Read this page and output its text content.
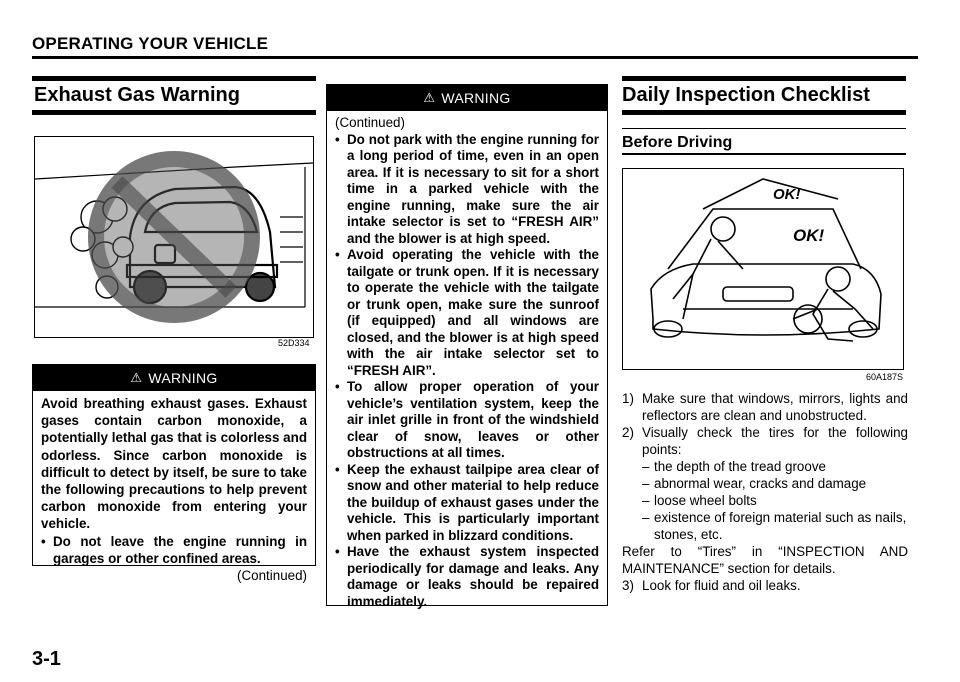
OPERATING YOUR VEHICLE
Exhaust Gas Warning
52D334
⚠ WARNING
Avoid breathing exhaust gases. Exhaust gases contain carbon monoxide, a potentially lethal gas that is colorless and odorless. Since carbon monoxide is difficult to detect by itself, be sure to take the following precautions to help prevent carbon monoxide from entering your vehicle.
• Do not leave the engine running in garages or other confined areas.
(Continued)
⚠ WARNING
(Continued)
• Do not park with the engine running for a long period of time, even in an open area. If it is necessary to sit for a short time in a parked vehicle with the engine running, make sure the air intake selector is set to “FRESH AIR” and the blower is at high speed.
• Avoid operating the vehicle with the tailgate or trunk open. If it is necessary to operate the vehicle with the tailgate or trunk open, make sure the sunroof (if equipped) and all windows are closed, and the blower is at high speed with the air intake selector set to “FRESH AIR”.
• To allow proper operation of your vehicle’s ventilation system, keep the air inlet grille in front of the windshield clear of snow, leaves or other obstructions at all times.
• Keep the exhaust tailpipe area clear of snow and other material to help reduce the buildup of exhaust gases under the vehicle. This is particularly important when parked in blizzard conditions.
• Have the exhaust system inspected periodically for damage and leaks. Any damage or leaks should be repaired immediately.
Daily Inspection Checklist
Before Driving
OK!
OK!
60A187S
1) Make sure that windows, mirrors, lights and reflectors are clean and unobstructed.
2) Visually check the tires for the following points:
– the depth of the tread groove
– abnormal wear, cracks and damage
– loose wheel bolts
– existence of foreign material such as nails, stones, etc.
Refer to “Tires” in “INSPECTION AND MAINTENANCE” section for details.
3) Look for fluid and oil leaks.
3-1
